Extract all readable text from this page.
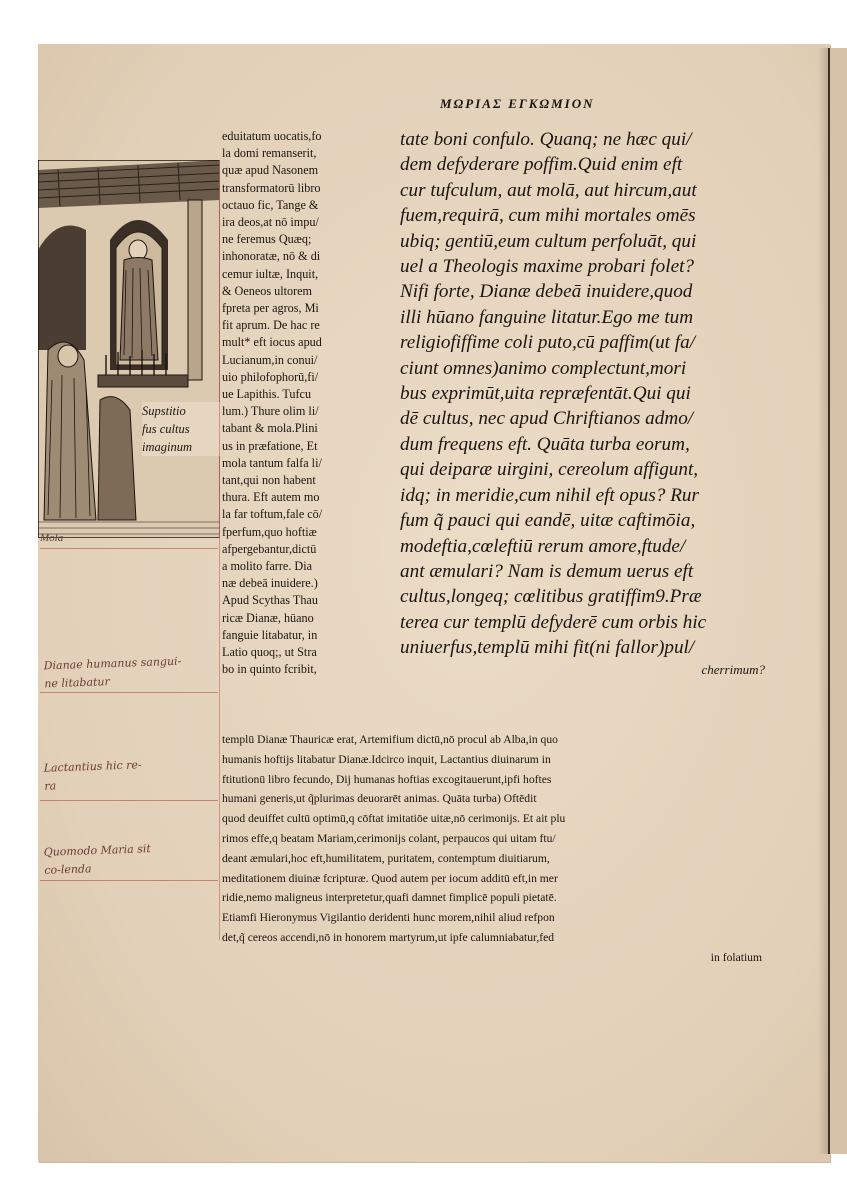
ΜΩΡΙΑΣ ΕΓΚΩΜΙΟΝ
Supstitio
fus cultus
imaginum
Mola
eduitatum uocatis,fo
la domi remanserit,
quæ apud Nasonem
transformatorū libro
octauo fic, Tange &
ira deos,at nō impu/
ne feremus Quæq;
inhonoratæ, nō & di
cemur iultæ, Inquit,
& Oeneos ultorem
fpreta per agros, Mi
fit aprum. De hac re
mult* eft iocus apud
Lucianum,in conui/
uio philofophorū,fi/
ue Lapithis. Tufcu
lum.) Thure olim li/
tabant & mola.Plini
us in præfatione, Et
mola tantum falfa li/
tant,qui non habent
thura. Eft autem mo
la far toftum,fale cō/
fperfum,quo hoftiæ
afpergebantur,dictū
a molito farre. Dia
næ debeā inuidere.)
Apud Scythas Thau
ricæ Dianæ, hūano
fanguie litabatur, in
Latio quoq;, ut Stra
bo in quinto fcribit,
tate boni confulo. Quanq; ne hæc qui/
dem defyderare poffim.Quid enim eft
cur tufculum, aut molā, aut hircum,aut
fuem,requirā, cum mihi mortales omēs
ubiq; gentiū,eum cultum perfoluāt, qui
uel a Theologis maxime probari folet?
Nifi forte, Dianæ debeā inuidere,quod
illi hūano fanguine litatur.Ego me tum
religiofiffime coli puto,cū paffim(ut fa/
ciunt omnes)animo complectunt,mori
bus exprimūt,uita repræfentāt.Qui qui
dē cultus, nec apud Chriftianos admo/
dum frequens eft. Quāta turba eorum,
qui deiparæ uirgini, cereolum affigunt,
idq; in meridie,cum nihil eft opus? Rur
fum q̃ pauci qui eandē, uitæ caftimōia,
modeftia,cœleftiū rerum amore,ftude/
ant æmulari? Nam is demum uerus eft
cultus,longeq; cœlitibus gratiffim9.Præ
terea cur templū defyderē cum orbis hic
uniuerfus,templū mihi fit(ni fallor)pul/
cherrimum?
templū Dianæ Thauricæ erat, Artemifium dictū,nō procul ab Alba,in quo
humanis hoftijs litabatur Dianæ.Idcirco inquit, Lactantius diuinarum in
ftitutionū libro fecundo, Dij humanas hoftias excogitauerunt,ipfi hoftes
humani generis,ut q̃plurimas deuorarēt animas. Quāta turba) Oftēdit
quod deuiffet cultū optimū,q cōftat imitatiōe uitæ,nō cerimonijs. Et ait plu
rimos effe,q beatam Mariam,cerimonijs colant, perpaucos qui uitam ftu/
deant æmulari,hoc eft,humilitatem, puritatem, contemptum diuitiarum,
meditationem diuinæ fcripturæ. Quod autem per iocum additū eft,in mer
ridie,nemo maligneus interpretetur,quafi damnet fimplicē populi pietatē.
Etiamfi Hieronymus Vigilantio deridenti hunc morem,nihil aliud refpon
det,q̃ cereos accendi,nō in honorem martyrum,ut ipfe calumniabatur,fed
in folatium
Dianae humanus sangui-
ne litabatur
Lactantius hic re-
ra
Quomodo Maria sit
co-lenda
